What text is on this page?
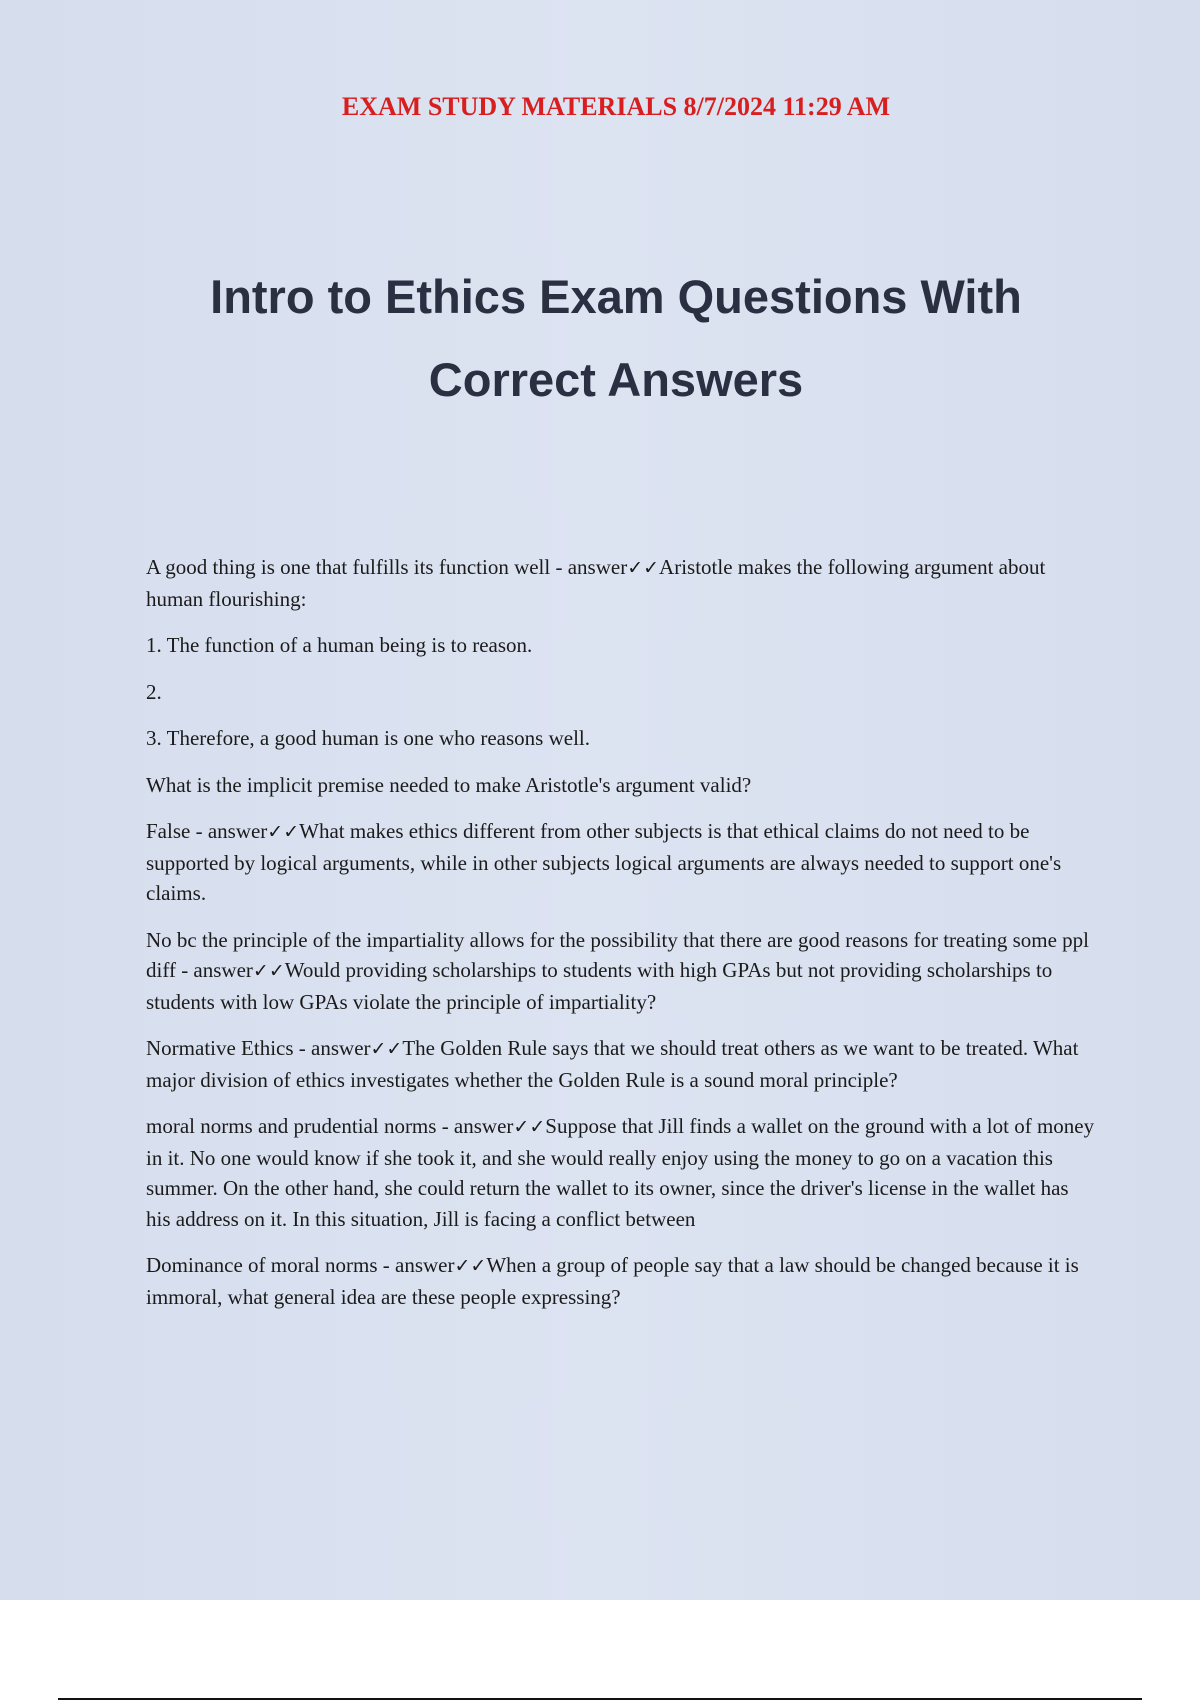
EXAM STUDY MATERIALS 8/7/2024 11:29 AM
Intro to Ethics Exam Questions With
Correct Answers

A good thing is one that fulfills its function well - answer✓✓Aristotle makes the following argument about human flourishing:

1. The function of a human being is to reason.

2.

3. Therefore, a good human is one who reasons well.

What is the implicit premise needed to make Aristotle's argument valid?

False - answer✓✓What makes ethics different from other subjects is that ethical claims do not need to be supported by logical arguments, while in other subjects logical arguments are always needed to support one's claims.

No bc the principle of the impartiality allows for the possibility that there are good reasons for treating some ppl diff - answer✓✓Would providing scholarships to students with high GPAs but not providing scholarships to students with low GPAs violate the principle of impartiality?

Normative Ethics - answer✓✓The Golden Rule says that we should treat others as we want to be treated. What major division of ethics investigates whether the Golden Rule is a sound moral principle?

moral norms and prudential norms - answer✓✓Suppose that Jill finds a wallet on the ground with a lot of money in it. No one would know if she took it, and she would really enjoy using the money to go on a vacation this summer. On the other hand, she could return the wallet to its owner, since the driver's license in the wallet has his address on it. In this situation, Jill is facing a conflict between

Dominance of moral norms - answer✓✓When a group of people say that a law should be changed because it is immoral, what general idea are these people expressing?
